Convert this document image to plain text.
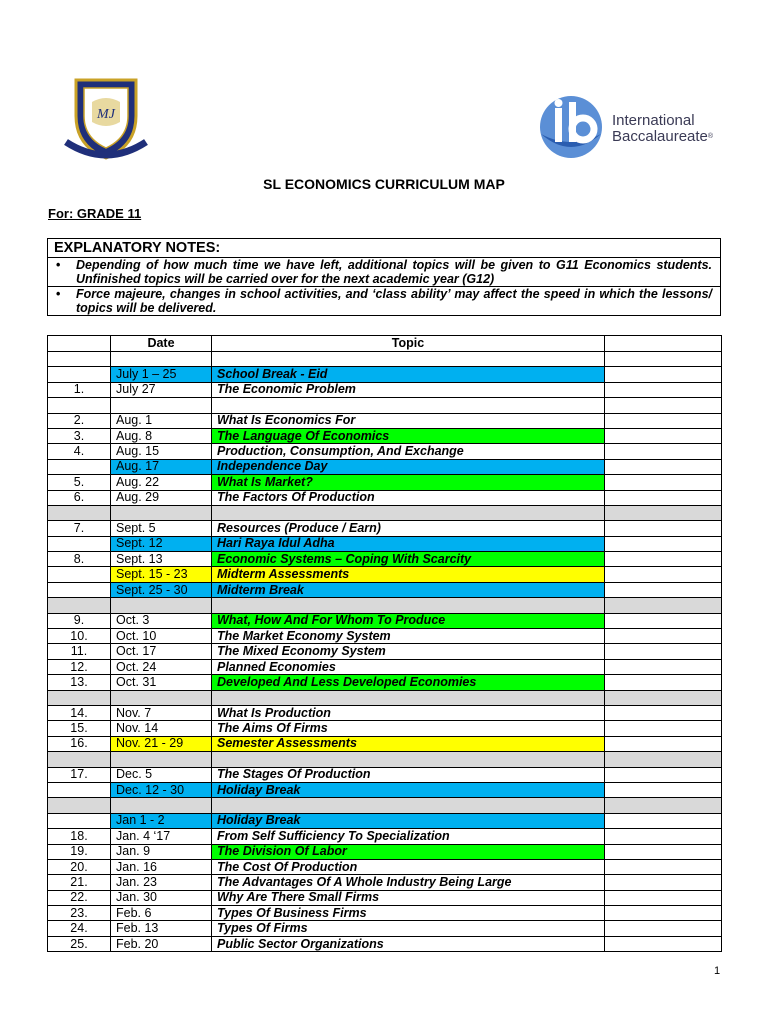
MJ	International
Baccalaureate®
SL ECONOMICS CURRICULUM MAP
For: GRADE 11
EXPLANATORY NOTES:

• Depending of how much time we have left, additional topics will be given to G11 Economics students. Unfinished topics will be carried over for the next academic year (G12)

• Force majeure, changes in school activities, and ‘class ability’ may affect the speed in which the lessons/ topics will be delivered.
	Date	Topic	

	July 1 – 25	School Break - Eid	
1.	July 27	The Economic Problem	

2.	Aug. 1	What Is Economics For	
3.	Aug. 8	The Language Of Economics	
4.	Aug. 15	Production, Consumption, And Exchange	
	Aug. 17	Independence Day	
5.	Aug. 22	What Is Market?	
6.	Aug. 29	The Factors Of Production	

7.	Sept. 5	Resources (Produce / Earn)	
	Sept. 12	Hari Raya Idul Adha	
8.	Sept. 13	Economic Systems – Coping With Scarcity	
	Sept. 15 - 23	Midterm Assessments	
	Sept. 25 - 30	Midterm Break	

9.	Oct. 3	What, How And For Whom To Produce	
10.	Oct. 10	The Market Economy System	
11.	Oct. 17	The Mixed Economy System	
12.	Oct. 24	Planned Economies	
13.	Oct. 31	Developed And Less Developed Economies	

14.	Nov. 7	What Is Production	
15.	Nov. 14	The Aims Of Firms	
16.	Nov. 21 - 29	Semester Assessments	

17.	Dec. 5	The Stages Of Production	
	Dec. 12 - 30	Holiday Break	

	Jan 1 - 2	Holiday Break	
18.	Jan. 4 ‘17	From Self Sufficiency To Specialization	
19.	Jan. 9	The Division Of Labor	
20.	Jan. 16	The Cost Of Production	
21.	Jan. 23	The Advantages Of A Whole Industry Being Large	
22.	Jan. 30	Why Are There Small Firms	
23.	Feb. 6	Types Of Business Firms	
24.	Feb. 13	Types Of Firms	
25.	Feb. 20	Public Sector Organizations	
1
